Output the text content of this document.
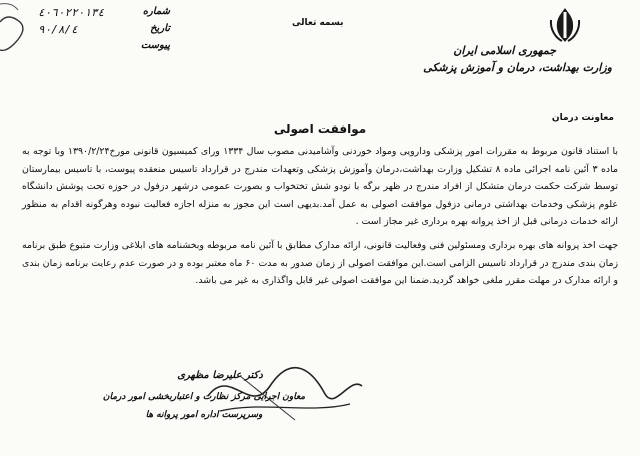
بسمه تعالی
جمهوری اسلامی ایران
وزارت بهداشت، درمان و آموزش پزشکی
معاونت درمان
٤٠٦٠٢٢٠١٣٤	شماره
٩٠/٨/٤	تاریخ
پیوست
موافقت اصولی

با استناد قانون مربوط به مقررات امور پزشکی ودارویی ومواد خوردنی وآشامیدنی مصوب سال ۱۳۳۴ ورای کمیسیون قانونی مورخ۱۳۹۰/۲/۲۴ وبا توجه به ماده ۳ آئین نامه اجرائی ماده ۸ تشکیل وزارت بهداشت،درمان وآموزش پزشکی وتعهدات مندرج در قرارداد تاسیس منعقده پیوست، با تاسیس بیمارستان توسط شرکت حکمت درمان متشکل از افراد مندرج در ظهر برگه با نودو شش تختخواب و بصورت عمومی درشهر دزفول در حوزه تحت پوشش دانشگاه علوم پزشکی وخدمات بهداشتی درمانی دزفول موافقت اصولی به عمل آمد.بدیهی است این مجوز به منزله اجازه فعالیت نبوده وهرگونه اقدام به منظور ارائه خدمات درمانی قبل از اخذ پروانه بهره برداری غیر مجاز است .

جهت اخذ پروانه های بهره برداری ومسئولین فنی وفعالیت قانونی، ارائه مدارک مطابق با آئین نامه مربوطه وبخشنامه های ابلاغی وزارت متبوع طبق برنامه زمان بندی مندرج در قرارداد تاسیس الزامی است.این موافقت اصولی از زمان صدور به مدت ۶۰ ماه معتبر بوده و در صورت عدم رعایت برنامه زمان بندی و ارائه مدارک در مهلت مقرر ملغی خواهد گردید.ضمنا این موافقت اصولی غیر قابل واگذاری به غیر می باشد.

دکتر علیرضا مظهری
معاون اجرایی مرکز نظارت و اعتباربخشی امور درمان
وسرپرست اداره امور پروانه ها
